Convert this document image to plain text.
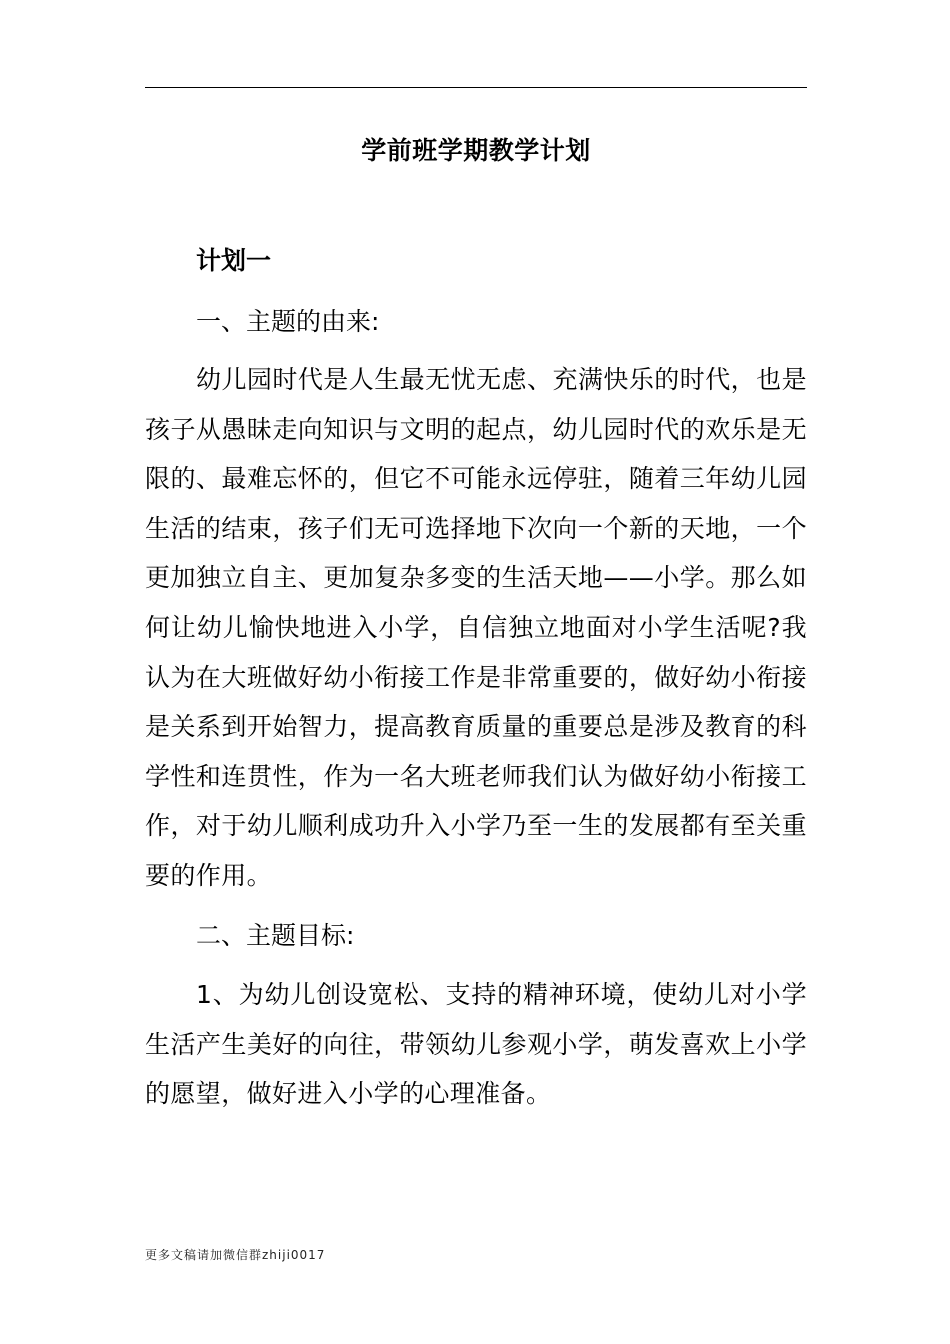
学前班学期教学计划
计划一
一、主题的由来:

幼儿园时代是人生最无忧无虑、充满快乐的时代，也是孩子从愚昧走向知识与文明的起点，幼儿园时代的欢乐是无限的、最难忘怀的，但它不可能永远停驻，随着三年幼儿园生活的结束，孩子们无可选择地下次向一个新的天地，一个更加独立自主、更加复杂多变的生活天地——小学。那么如何让幼儿愉快地进入小学，自信独立地面对小学生活呢?我认为在大班做好幼小衔接工作是非常重要的，做好幼小衔接是关系到开始智力，提高教育质量的重要总是涉及教育的科学性和连贯性，作为一名大班老师我们认为做好幼小衔接工作，对于幼儿顺利成功升入小学乃至一生的发展都有至关重要的作用。

二、主题目标:

1、为幼儿创设宽松、支持的精神环境，使幼儿对小学生活产生美好的向往，带领幼儿参观小学，萌发喜欢上小学的愿望，做好进入小学的心理准备。

更多文稿请加微信群zhiji0017
